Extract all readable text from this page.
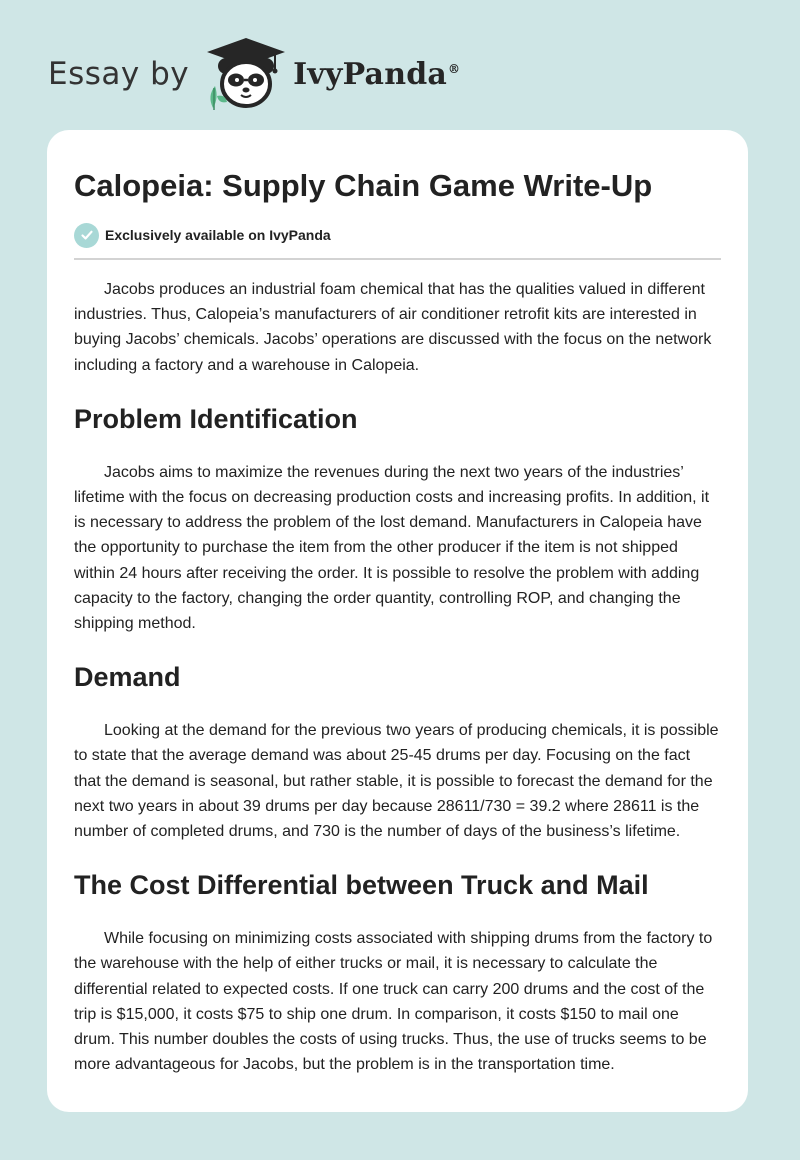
Essay by	IvyPanda®
Calopeia: Supply Chain Game Write-Up
Exclusively available on IvyPanda

Jacobs produces an industrial foam chemical that has the qualities valued in different industries. Thus, Calopeia’s manufacturers of air conditioner retrofit kits are interested in buying Jacobs’ chemicals. Jacobs’ operations are discussed with the focus on the network including a factory and a warehouse in Calopeia.

Problem Identification

Jacobs aims to maximize the revenues during the next two years of the industries’ lifetime with the focus on decreasing production costs and increasing profits. In addition, it is necessary to address the problem of the lost demand. Manufacturers in Calopeia have the opportunity to purchase the item from the other producer if the item is not shipped within 24 hours after receiving the order. It is possible to resolve the problem with adding capacity to the factory, changing the order quantity, controlling ROP, and changing the shipping method.

Demand

Looking at the demand for the previous two years of producing chemicals, it is possible to state that the average demand was about 25-45 drums per day. Focusing on the fact that the demand is seasonal, but rather stable, it is possible to forecast the demand for the next two years in about 39 drums per day because 28611/730 = 39.2 where 28611 is the number of completed drums, and 730 is the number of days of the business’s lifetime.

The Cost Differential between Truck and Mail

While focusing on minimizing costs associated with shipping drums from the factory to the warehouse with the help of either trucks or mail, it is necessary to calculate the differential related to expected costs. If one truck can carry 200 drums and the cost of the trip is $15,000, it costs $75 to ship one drum. In comparison, it costs $150 to mail one drum. This number doubles the costs of using trucks. Thus, the use of trucks seems to be more advantageous for Jacobs, but the problem is in the transportation time.
